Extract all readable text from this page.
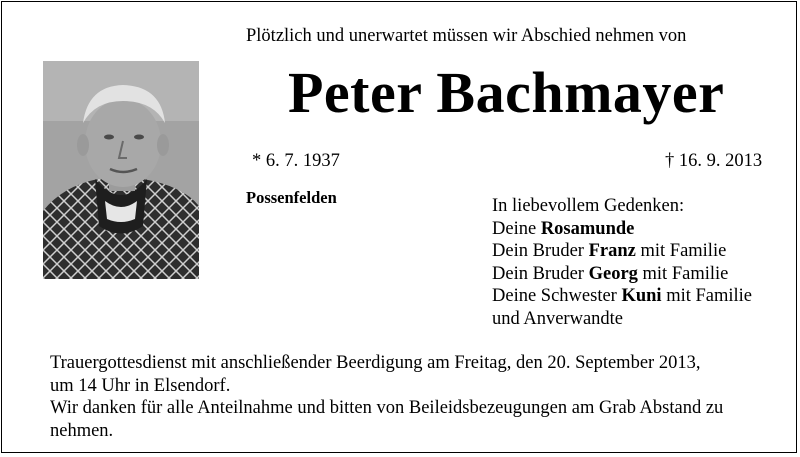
Plötzlich und unerwartet müssen wir Abschied nehmen von
Peter Bachmayer
* 6. 7. 1937	† 16. 9. 2013
Possenfelden	In liebevollem Gedenken:
Deine Rosamunde
Dein Bruder Franz mit Familie
Dein Bruder Georg mit Familie
Deine Schwester Kuni mit Familie
und Anverwandte
Trauergottesdienst mit anschließender Beerdigung am Freitag, den 20. September 2013,
um 14 Uhr in Elsendorf.
Wir danken für alle Anteilnahme und bitten von Beileidsbezeugungen am Grab Abstand zu
nehmen.
